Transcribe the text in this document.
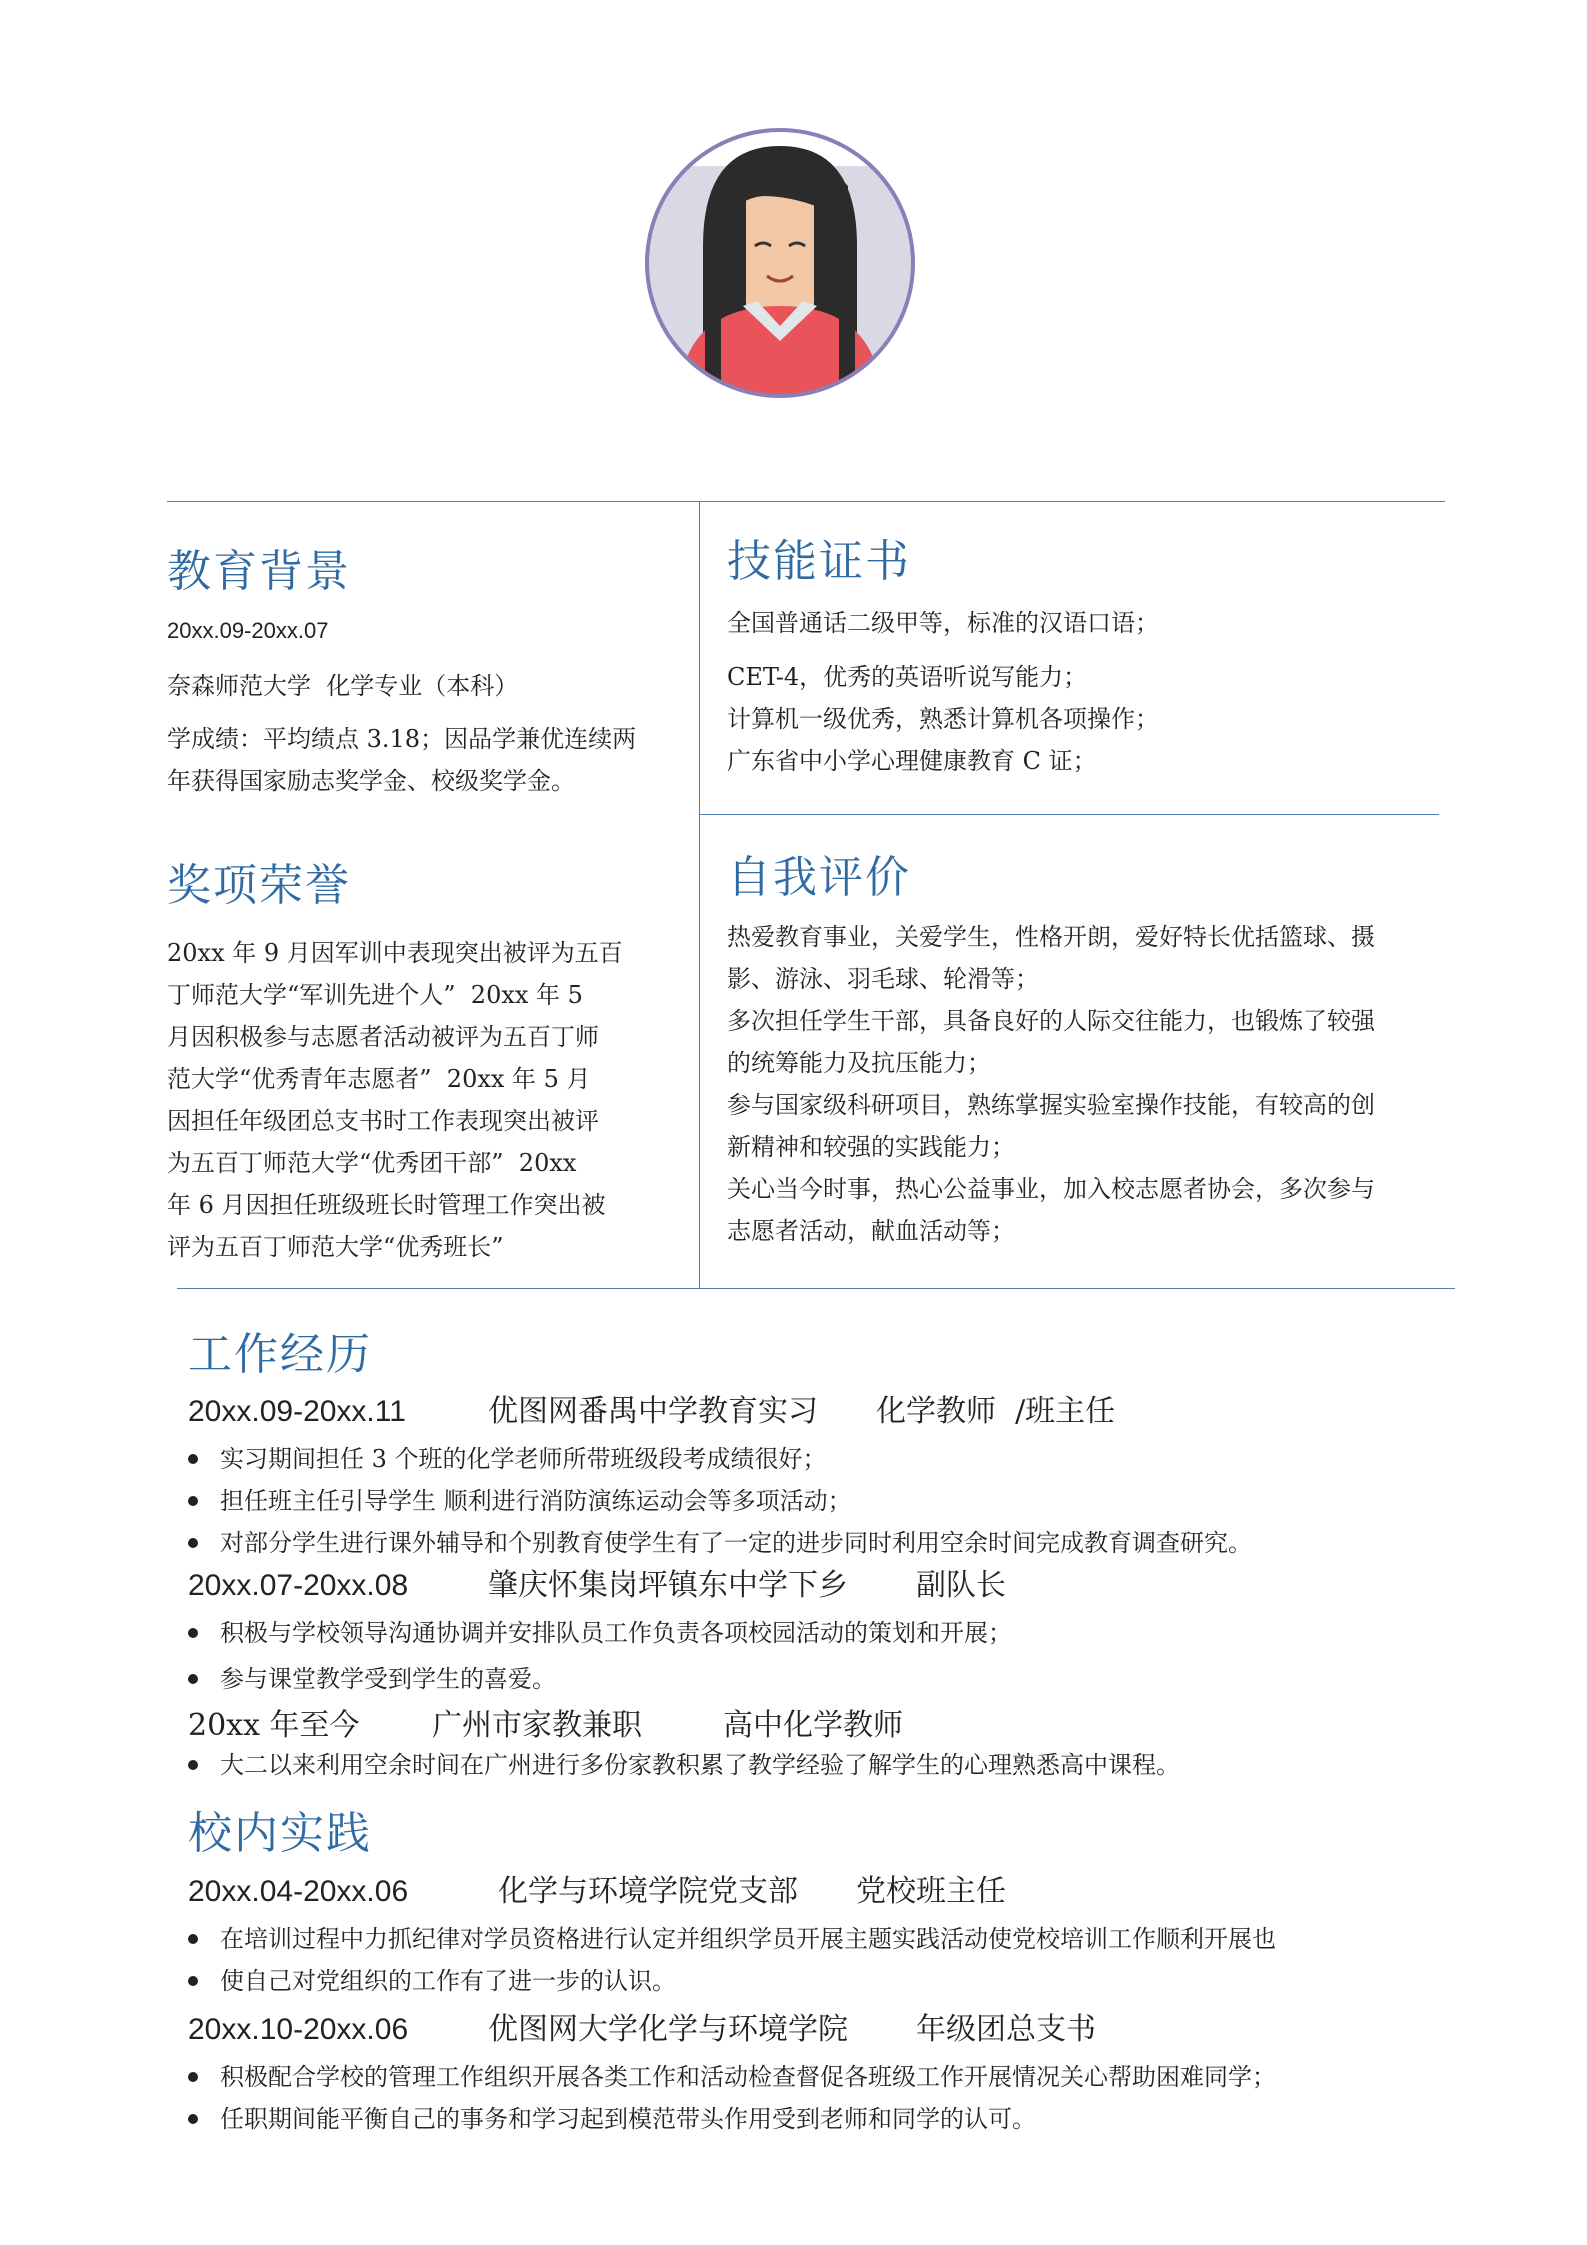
教育背景
20xx.09-20xx.07
奈森师范大学  化学专业（本科）

学成绩：平均绩点 3.18；因品学兼优连续两

年获得国家励志奖学金、校级奖学金。

技能证书

全国普通话二级甲等，标准的汉语口语；

CET-4，优秀的英语听说写能力；

计算机一级优秀，熟悉计算机各项操作；

广东省中小学心理健康教育 C 证；

奖项荣誉

20xx 年 9 月因军训中表现突出被评为五百

丁师范大学“军训先进个人”  20xx 年 5

月因积极参与志愿者活动被评为五百丁师

范大学“优秀青年志愿者”  20xx 年 5 月

因担任年级团总支书时工作表现突出被评

为五百丁师范大学“优秀团干部”  20xx

年 6 月因担任班级班长时管理工作突出被

评为五百丁师范大学“优秀班长”

自我评价

热爱教育事业，关爱学生，性格开朗，爱好特长优括篮球、摄

影、游泳、羽毛球、轮滑等；

多次担任学生干部，具备良好的人际交往能力，也锻炼了较强

的统筹能力及抗压能力；

参与国家级科研项目，熟练掌握实验室操作技能，有较高的创

新精神和较强的实践能力；

关心当今时事，热心公益事业，加入校志愿者协会，多次参与

志愿者活动，献血活动等；

工作经历
20xx.09-20xx.11	优图网番禺中学教育实习 化学教师  /班主任
实习期间担任 3 个班的化学老师所带班级段考成绩很好；
担任班主任引导学生 顺利进行消防演练运动会等多项活动；
对部分学生进行课外辅导和个别教育使学生有了一定的进步同时利用空余时间完成教育调查研究。
20xx.07-20xx.08	肇庆怀集岗坪镇东中学下乡 副队长
积极与学校领导沟通协调并安排队员工作负责各项校园活动的策划和开展；
参与课堂教学受到学生的喜爱。
20xx 年至今 广州市家教兼职	高中化学教师
大二以来利用空余时间在广州进行多份家教积累了教学经验了解学生的心理熟悉高中课程。
校内实践
20xx.04-20xx.06	化学与环境学院党支部 党校班主任
在培训过程中力抓纪律对学员资格进行认定并组织学员开展主题实践活动使党校培训工作顺利开展也
使自己对党组织的工作有了进一步的认识。
20xx.10-20xx.06	优图网大学化学与环境学院 年级团总支书
积极配合学校的管理工作组织开展各类工作和活动检查督促各班级工作开展情况关心帮助困难同学；
任职期间能平衡自己的事务和学习起到模范带头作用受到老师和同学的认可。
